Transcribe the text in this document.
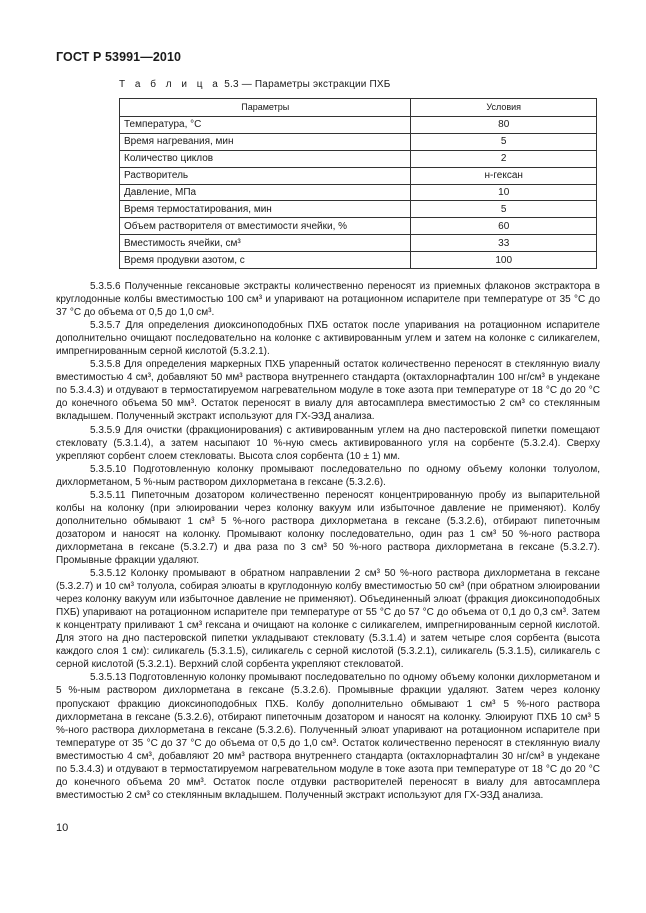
ГОСТ Р 53991—2010
Т а б л и ц а 5.3 — Параметры экстракции ПХБ
Параметры	Условия
Температура, °С	80
Время нагревания, мин	5
Количество циклов	2
Растворитель	н-гексан
Давление, МПа	10
Время термостатирования, мин	5
Объем растворителя от вместимости ячейки, %	60
Вместимость ячейки, см³	33
Время продувки азотом, с	100

5.3.5.6 Полученные гексановые экстракты количественно переносят из приемных флаконов экстрактора в круглодонные колбы вместимостью 100 см³ и упаривают на ротационном испарителе при температуре от 35 °С до 37 °С до объема от 0,5 до 1,0 см³.

5.3.5.7 Для определения диоксиноподобных ПХБ остаток после упаривания на ротационном испарителе дополнительно очищают последовательно на колонке с активированным углем и затем на колонке с силикагелем, импрегнированным серной кислотой (5.3.2.1).

5.3.5.8 Для определения маркерных ПХБ упаренный остаток количественно переносят в стеклянную виалу вместимостью 4 см³, добавляют 50 мм³ раствора внутреннего стандарта (октахлорнафталин 100 нг/см³ в ундекане по 5.3.4.3) и отдувают в термостатируемом нагревательном модуле в токе азота при температуре от 18 °С до 20 °С до конечного объема 50 мм³. Остаток переносят в виалу для автосамплера вместимостью 2 см³ со стеклянным вкладышем. Полученный экстракт используют для ГХ-ЭЗД анализа.

5.3.5.9 Для очистки (фракционирования) с активированным углем на дно пастеровской пипетки помещают стекловату (5.3.1.4), а затем насыпают 10 %-ную смесь активированного угля на сорбенте (5.3.2.4). Сверху укрепляют сорбент слоем стекловаты. Высота слоя сорбента (10 ± 1) мм.

5.3.5.10 Подготовленную колонку промывают последовательно по одному объему колонки толуолом, дихлорметаном, 5 %-ным раствором дихлорметана в гексане (5.3.2.6).

5.3.5.11 Пипеточным дозатором количественно переносят концентрированную пробу из выпарительной колбы на колонку (при элюировании через колонку вакуум или избыточное давление не применяют). Колбу дополнительно обмывают 1 см³ 5 %-ного раствора дихлорметана в гексане (5.3.2.6), отбирают пипеточным дозатором и наносят на колонку. Промывают колонку последовательно, один раз 1 см³ 50 %-ного раствора дихлорметана в гексане (5.3.2.7) и два раза по 3 см³ 50 %-ного раствора дихлорметана в гексане (5.3.2.7). Промывные фракции удаляют.

5.3.5.12 Колонку промывают в обратном направлении 2 см³ 50 %-ного раствора дихлорметана в гексане (5.3.2.7) и 10 см³ толуола, собирая элюаты в круглодонную колбу вместимостью 50 см³ (при обратном элюировании через колонку вакуум или избыточное давление не применяют). Объединенный элюат (фракция диоксиноподобных ПХБ) упаривают на ротационном испарителе при температуре от 55 °С до 57 °С до объема от 0,1 до 0,3 см³. Затем к концентрату приливают 1 см³ гексана и очищают на колонке с силикагелем, импрегнированным серной кислотой. Для этого на дно пастеровской пипетки укладывают стекловату (5.3.1.4) и затем четыре слоя сорбента (высота каждого слоя 1 см): силикагель (5.3.1.5), силикагель с серной кислотой (5.3.2.1), силикагель (5.3.1.5), силикагель с серной кислотой (5.3.2.1). Верхний слой сорбента укрепляют стекловатой.

5.3.5.13 Подготовленную колонку промывают последовательно по одному объему колонки дихлорметаном и 5 %-ным раствором дихлорметана в гексане (5.3.2.6). Промывные фракции удаляют. Затем через колонку пропускают фракцию диоксиноподобных ПХБ. Колбу дополнительно обмывают 1 см³ 5 %-ного раствора дихлорметана в гексане (5.3.2.6), отбирают пипеточным дозатором и наносят на колонку. Элюируют ПХБ 10 см³ 5 %-ного раствора дихлорметана в гексане (5.3.2.6). Полученный элюат упаривают на ротационном испарителе при температуре от 35 °С до 37 °С до объема от 0,5 до 1,0 см³. Остаток количественно переносят в стеклянную виалу вместимостью 4 см³, добавляют 20 мм³ раствора внутреннего стандарта (октахлорнафталин 30 нг/см³ в ундекане по 5.3.4.3) и отдувают в термостатируемом нагревательном модуле в токе азота при температуре от 18 °С до 20 °С до конечного объема 20 мм³. Остаток после отдувки растворителей переносят в виалу для автосамплера вместимостью 2 см³ со стеклянным вкладышем. Полученный экстракт используют для ГХ-ЭЗД анализа.

10
